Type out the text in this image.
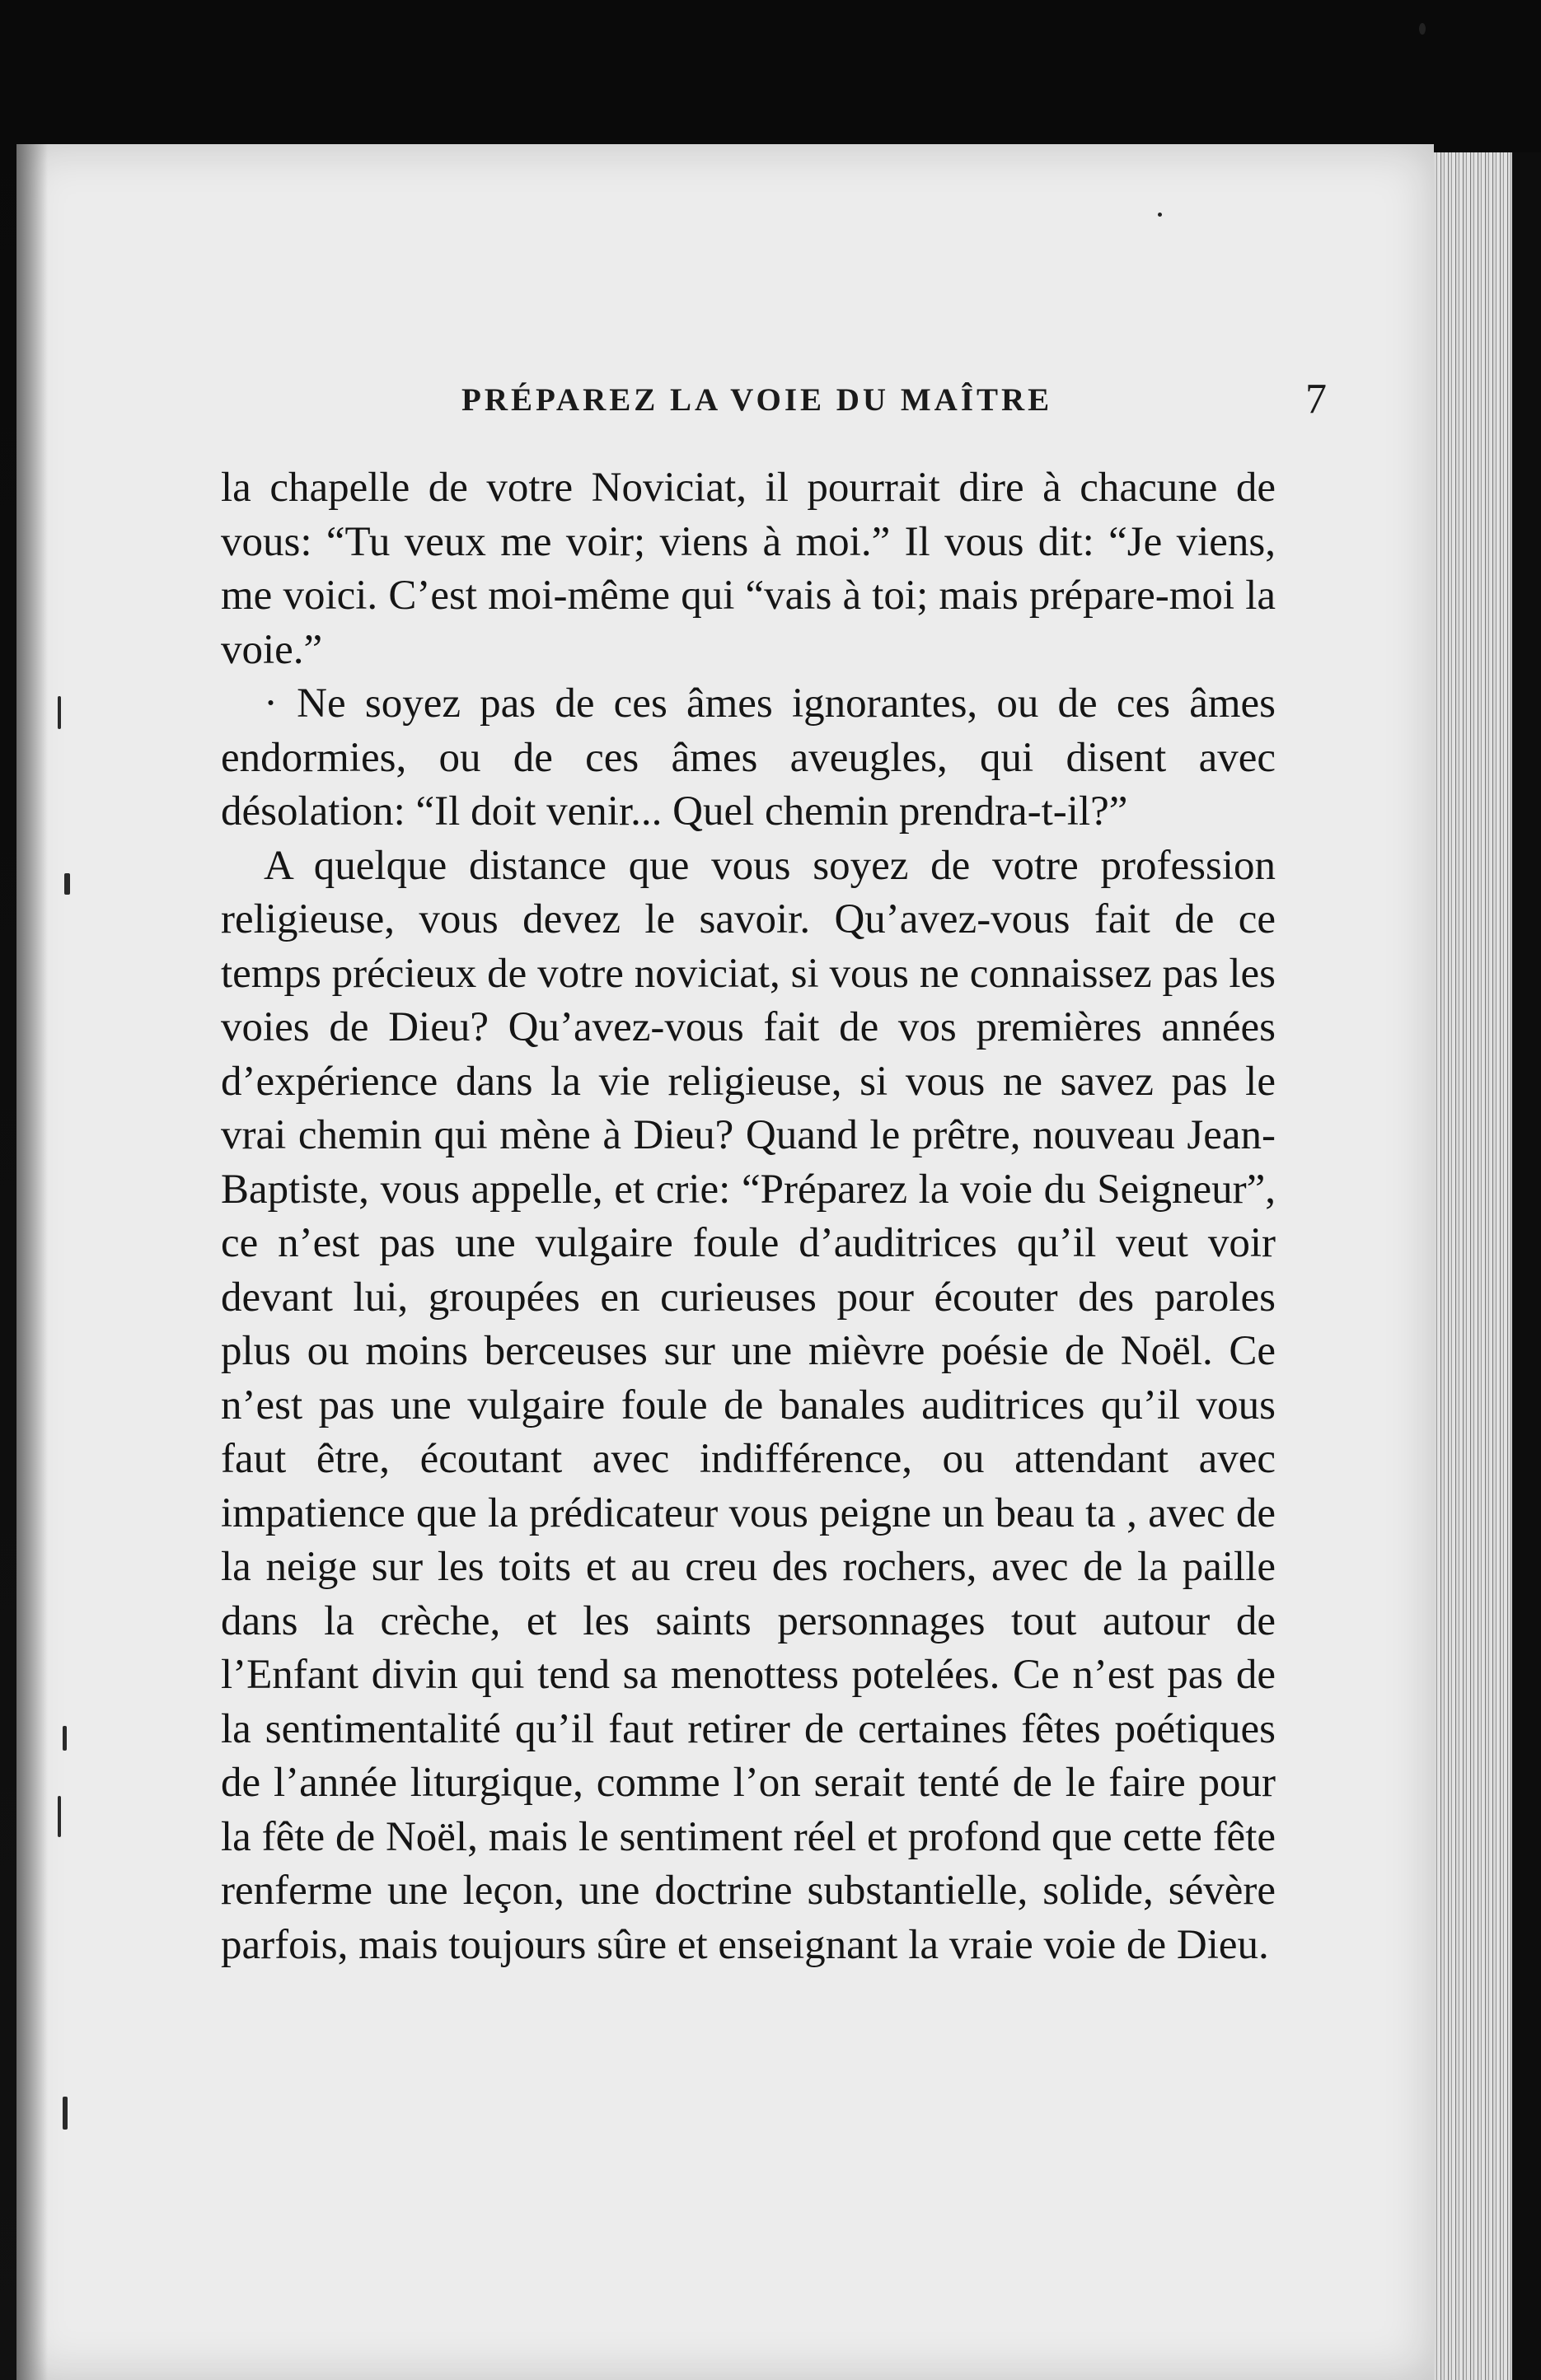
PRÉPAREZ LA VOIE DU MAÎTRE	7

la chapelle de votre Noviciat, il pourrait dire à chacune de vous: “Tu veux me voir; viens à moi.” Il vous dit: “Je viens, me voici. C’est moi-même qui “vais à toi; mais prépare-moi la voie.”

· Ne soyez pas de ces âmes ignorantes, ou de ces âmes endormies, ou de ces âmes aveugles, qui disent avec désolation: “Il doit venir... Quel chemin prendra-t-il?”

A quelque distance que vous soyez de votre profession religieuse, vous devez le savoir. Qu’avez-vous fait de ce temps précieux de votre noviciat, si vous ne connaissez pas les voies de Dieu? Qu’avez-vous fait de vos premières années d’expérience dans la vie religieuse, si vous ne savez pas le vrai chemin qui mène à Dieu? Quand le prêtre, nouveau Jean-Baptiste, vous appelle, et crie: “Préparez la voie du Seigneur”, ce n’est pas une vulgaire foule d’auditrices qu’il veut voir devant lui, groupées en curieuses pour écouter des paroles plus ou moins berceuses sur une mièvre poésie de Noël. Ce n’est pas une vulgaire foule de banales auditrices qu’il vous faut être, écoutant avec indifférence, ou attendant avec impatience que la prédicateur vous peigne un beau ta , avec de la neige sur les toits et au creu des rochers, avec de la paille dans la crèche, et les saints personnages tout autour de l’Enfant divin qui tend sa menottess potelées. Ce n’est pas de la sentimentalité qu’il faut retirer de certaines fêtes poétiques de l’année liturgique, comme l’on serait tenté de le faire pour la fête de Noël, mais le sentiment réel et profond que cette fête renferme une leçon, une doctrine substantielle, solide, sévère parfois, mais toujours sûre et enseignant la vraie voie de Dieu.
